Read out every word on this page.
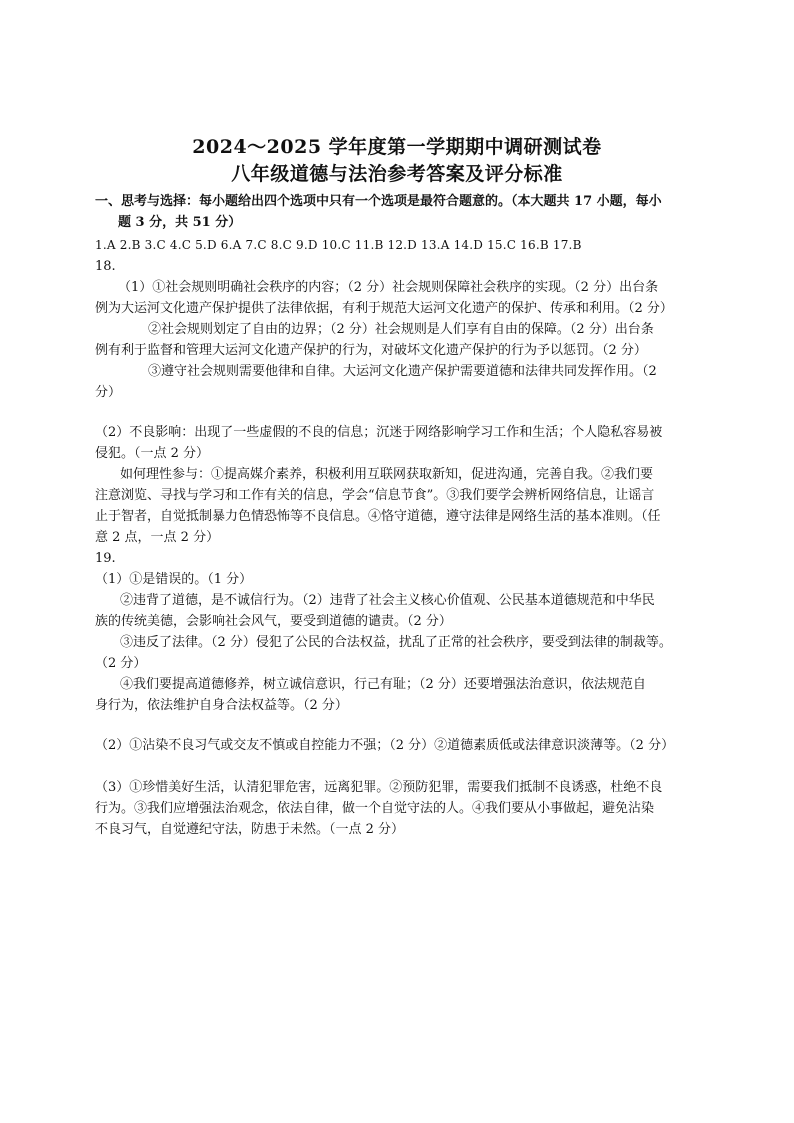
2024～2025 学年度第一学期期中调研测试卷
八年级道德与法治参考答案及评分标准
一、思考与选择：每小题给出四个选项中只有一个选项是最符合题意的。（本大题共 17 小题，每小
题 3 分，共 51 分）
1.A 2.B 3.C 4.C 5.D 6.A 7.C 8.C 9.D 10.C 11.B 12.D 13.A 14.D 15.C 16.B 17.B
18.
（1）①社会规则明确社会秩序的内容；（2 分）社会规则保障社会秩序的实现。（2 分）出台条
例为大运河文化遗产保护提供了法律依据，有利于规范大运河文化遗产的保护、传承和利用。（2 分）
②社会规则划定了自由的边界；（2 分）社会规则是人们享有自由的保障。（2 分）出台条
例有利于监督和管理大运河文化遗产保护的行为，对破坏文化遗产保护的行为予以惩罚。（2 分）
③遵守社会规则需要他律和自律。大运河文化遗产保护需要道德和法律共同发挥作用。（2
分）
（2）不良影响：出现了一些虚假的不良的信息；沉迷于网络影响学习工作和生活；个人隐私容易被
侵犯。（一点 2 分）
如何理性参与：①提高媒介素养，积极利用互联网获取新知，促进沟通，完善自我。②我们要
注意浏览、寻找与学习和工作有关的信息，学会“信息节食”。③我们要学会辨析网络信息，让谣言
止于智者，自觉抵制暴力色情恐怖等不良信息。④恪守道德，遵守法律是网络生活的基本准则。（任
意 2 点，一点 2 分）
19.
（1）①是错误的。（1 分）
②违背了道德，是不诚信行为。（2）违背了社会主义核心价值观、公民基本道德规范和中华民
族的传统美德，会影响社会风气，要受到道德的谴责。（2 分）
③违反了法律。（2 分）侵犯了公民的合法权益，扰乱了正常的社会秩序，要受到法律的制裁等。
（2 分）
④我们要提高道德修养，树立诚信意识，行己有耻；（2 分）还要增强法治意识，依法规范自
身行为，依法维护自身合法权益等。（2 分）
（2）①沾染不良习气或交友不慎或自控能力不强；（2 分）②道德素质低或法律意识淡薄等。（2 分）
（3）①珍惜美好生活，认清犯罪危害，远离犯罪。②预防犯罪，需要我们抵制不良诱惑，杜绝不良
行为。③我们应增强法治观念，依法自律，做一个自觉守法的人。④我们要从小事做起，避免沾染
不良习气，自觉遵纪守法，防患于未然。（一点 2 分）
